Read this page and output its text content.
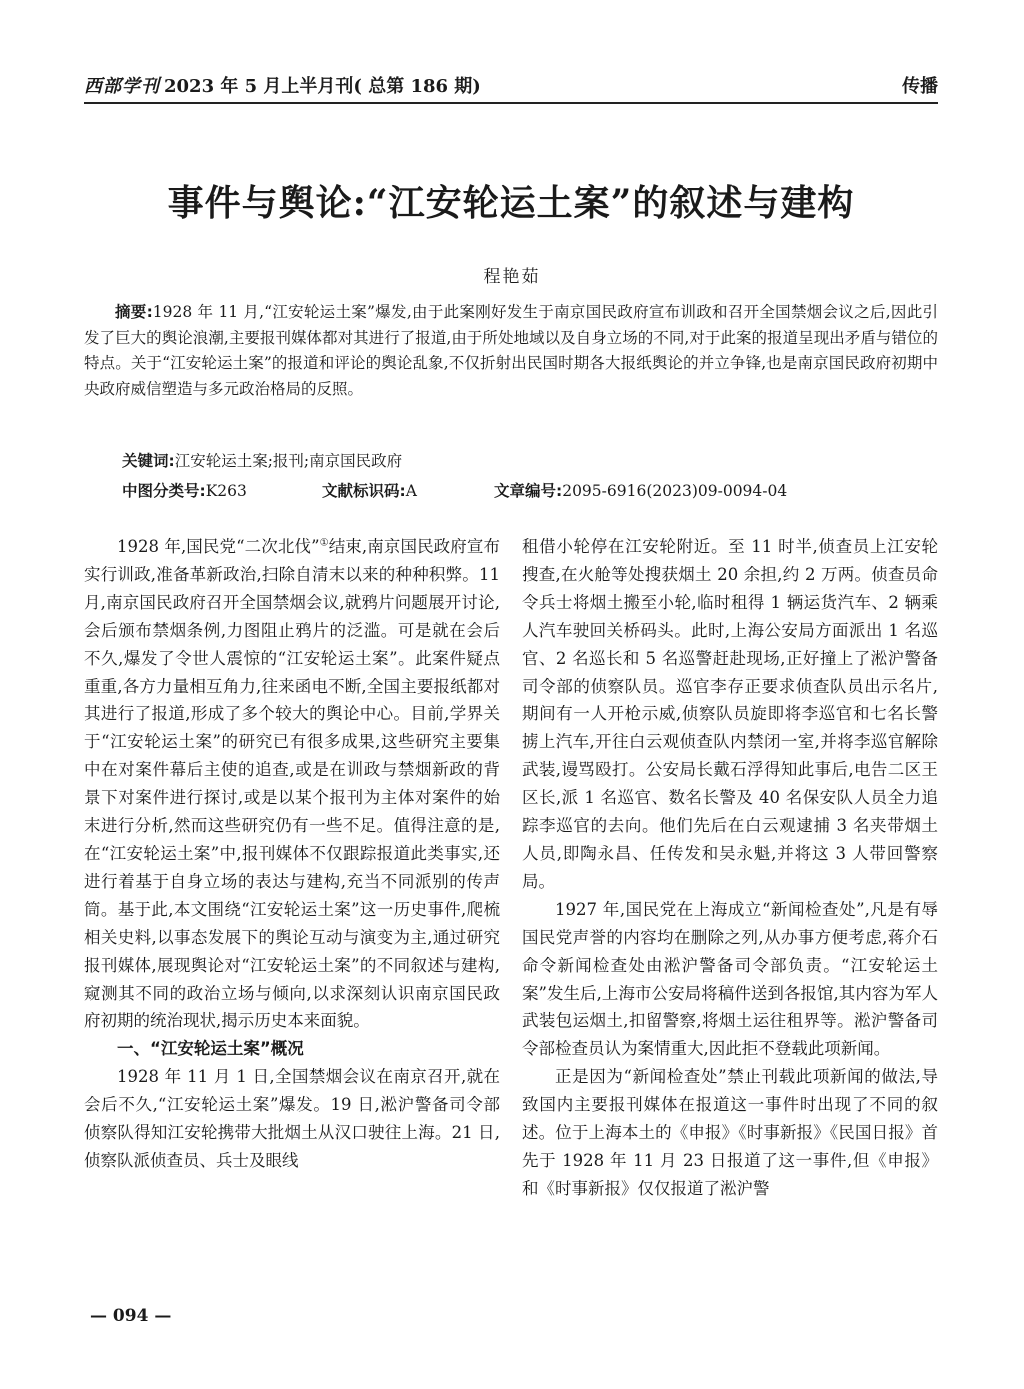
西部学刊 2023 年 5 月上半月刊( 总第 186 期)	传播
事件与舆论:“江安轮运土案”的叙述与建构
程艳茹
摘要:1928 年 11 月,“江安轮运土案”爆发,由于此案刚好发生于南京国民政府宣布训政和召开全国禁烟会议之后,因此引发了巨大的舆论浪潮,主要报刊媒体都对其进行了报道,由于所处地域以及自身立场的不同,对于此案的报道呈现出矛盾与错位的特点。关于“江安轮运土案”的报道和评论的舆论乱象,不仅折射出民国时期各大报纸舆论的并立争锋,也是南京国民政府初期中央政府威信塑造与多元政治格局的反照。
关键词:江安轮运土案;报刊;南京国民政府
中图分类号:K263	文献标识码:A	文章编号:2095-6916(2023)09-0094-04

1928 年,国民党“二次北伐”①结束,南京国民政府宣布实行训政,准备革新政治,扫除自清末以来的种种积弊。11 月,南京国民政府召开全国禁烟会议,就鸦片问题展开讨论,会后颁布禁烟条例,力图阻止鸦片的泛滥。可是就在会后不久,爆发了令世人震惊的“江安轮运土案”。此案件疑点重重,各方力量相互角力,往来函电不断,全国主要报纸都对其进行了报道,形成了多个较大的舆论中心。目前,学界关于“江安轮运土案”的研究已有很多成果,这些研究主要集中在对案件幕后主使的追查,或是在训政与禁烟新政的背景下对案件进行探讨,或是以某个报刊为主体对案件的始末进行分析,然而这些研究仍有一些不足。值得注意的是,在“江安轮运土案”中,报刊媒体不仅跟踪报道此类事实,还进行着基于自身立场的表达与建构,充当不同派别的传声筒。基于此,本文围绕“江安轮运土案”这一历史事件,爬梳相关史料,以事态发展下的舆论互动与演变为主,通过研究报刊媒体,展现舆论对“江安轮运土案”的不同叙述与建构,窥测其不同的政治立场与倾向,以求深刻认识南京国民政府初期的统治现状,揭示历史本来面貌。

一、“江安轮运土案”概况

1928 年 11 月 1 日,全国禁烟会议在南京召开,就在会后不久,“江安轮运土案”爆发。19 日,淞沪警备司令部侦察队得知江安轮携带大批烟土从汉口驶往上海。21 日,侦察队派侦查员、兵士及眼线

租借小轮停在江安轮附近。至 11 时半,侦查员上江安轮搜查,在火舱等处搜获烟土 20 余担,约 2 万两。侦查员命令兵士将烟土搬至小轮,临时租得 1 辆运货汽车、2 辆乘人汽车驶回关桥码头。此时,上海公安局方面派出 1 名巡官、2 名巡长和 5 名巡警赶赴现场,正好撞上了淞沪警备司令部的侦察队员。巡官李存正要求侦查队员出示名片,期间有一人开枪示威,侦察队员旋即将李巡官和七名长警掳上汽车,开往白云观侦查队内禁闭一室,并将李巡官解除武装,谩骂殴打。公安局长戴石浮得知此事后,电告二区王区长,派 1 名巡官、数名长警及 40 名保安队人员全力追踪李巡官的去向。他们先后在白云观逮捕 3 名夹带烟土人员,即陶永昌、任传发和吴永魁,并将这 3 人带回警察局。

1927 年,国民党在上海成立“新闻检查处”,凡是有辱国民党声誉的内容均在删除之列,从办事方便考虑,蒋介石命令新闻检查处由淞沪警备司令部负责。“江安轮运土案”发生后,上海市公安局将稿件送到各报馆,其内容为军人武装包运烟土,扣留警察,将烟土运往租界等。淞沪警备司令部检查员认为案情重大,因此拒不登载此项新闻。

正是因为“新闻检查处”禁止刊载此项新闻的做法,导致国内主要报刊媒体在报道这一事件时出现了不同的叙述。位于上海本土的《申报》《时事新报》《民国日报》首先于 1928 年 11 月 23 日报道了这一事件,但《申报》和《时事新报》仅仅报道了淞沪警

— 094 —
